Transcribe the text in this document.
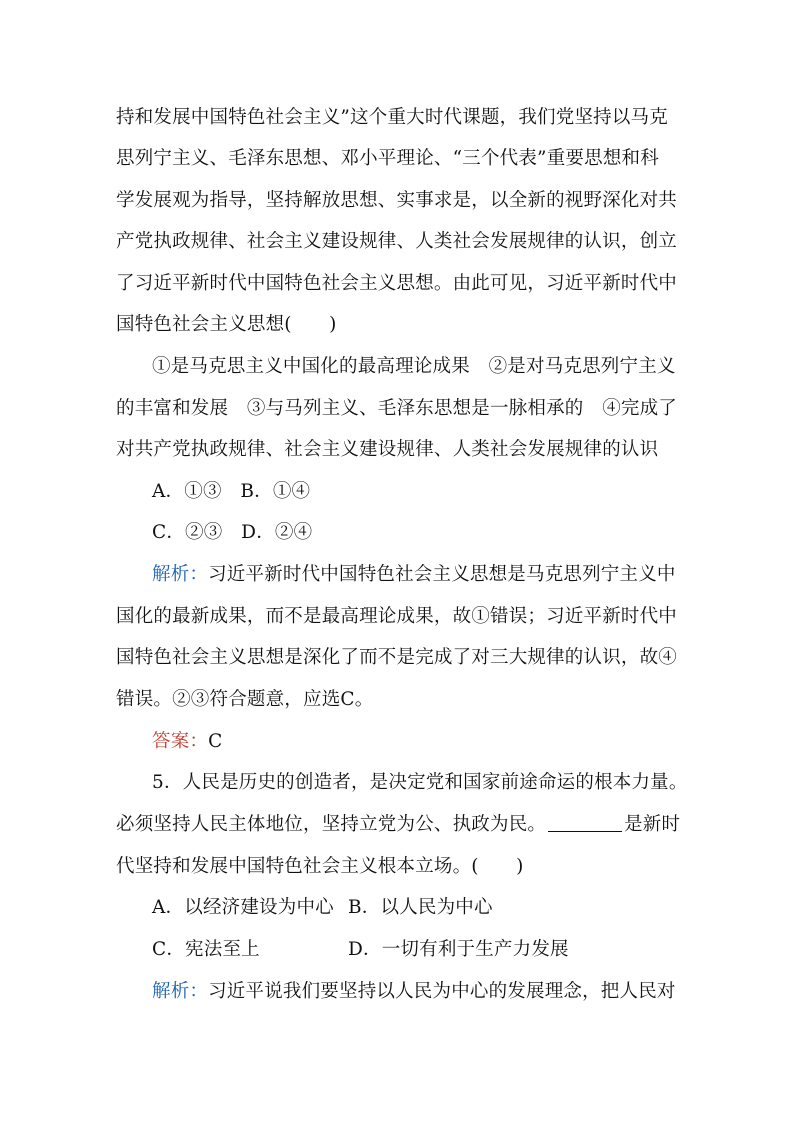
持和发展中国特色社会主义”这个重大时代课题，我们党坚持以马克
思列宁主义、毛泽东思想、邓小平理论、“三个代表”重要思想和科
学发展观为指导，坚持解放思想、实事求是，以全新的视野深化对共
产党执政规律、社会主义建设规律、人类社会发展规律的认识，创立
了习近平新时代中国特色社会主义思想。由此可见，习近平新时代中
国特色社会主义思想(　　)
①是马克思主义中国化的最高理论成果　②是对马克思列宁主义
的丰富和发展　③与马列主义、毛泽东思想是一脉相承的　④完成了
对共产党执政规律、社会主义建设规律、人类社会发展规律的认识
A．①③　B．①④
C．②③　D．②④
解析：习近平新时代中国特色社会主义思想是马克思列宁主义中
国化的最新成果，而不是最高理论成果，故①错误；习近平新时代中
国特色社会主义思想是深化了而不是完成了对三大规律的认识，故④
错误。②③符合题意，应选C。
答案：C
5．人民是历史的创造者，是决定党和国家前途命运的根本力量。
必须坚持人民主体地位，坚持立党为公、执政为民。	是新时
代坚持和发展中国特色社会主义根本立场。(　　)
A．以经济建设为中心 B．以人民为中心
C．宪法至上	D．一切有利于生产力发展
解析：习近平说我们要坚持以人民为中心的发展理念，把人民对
